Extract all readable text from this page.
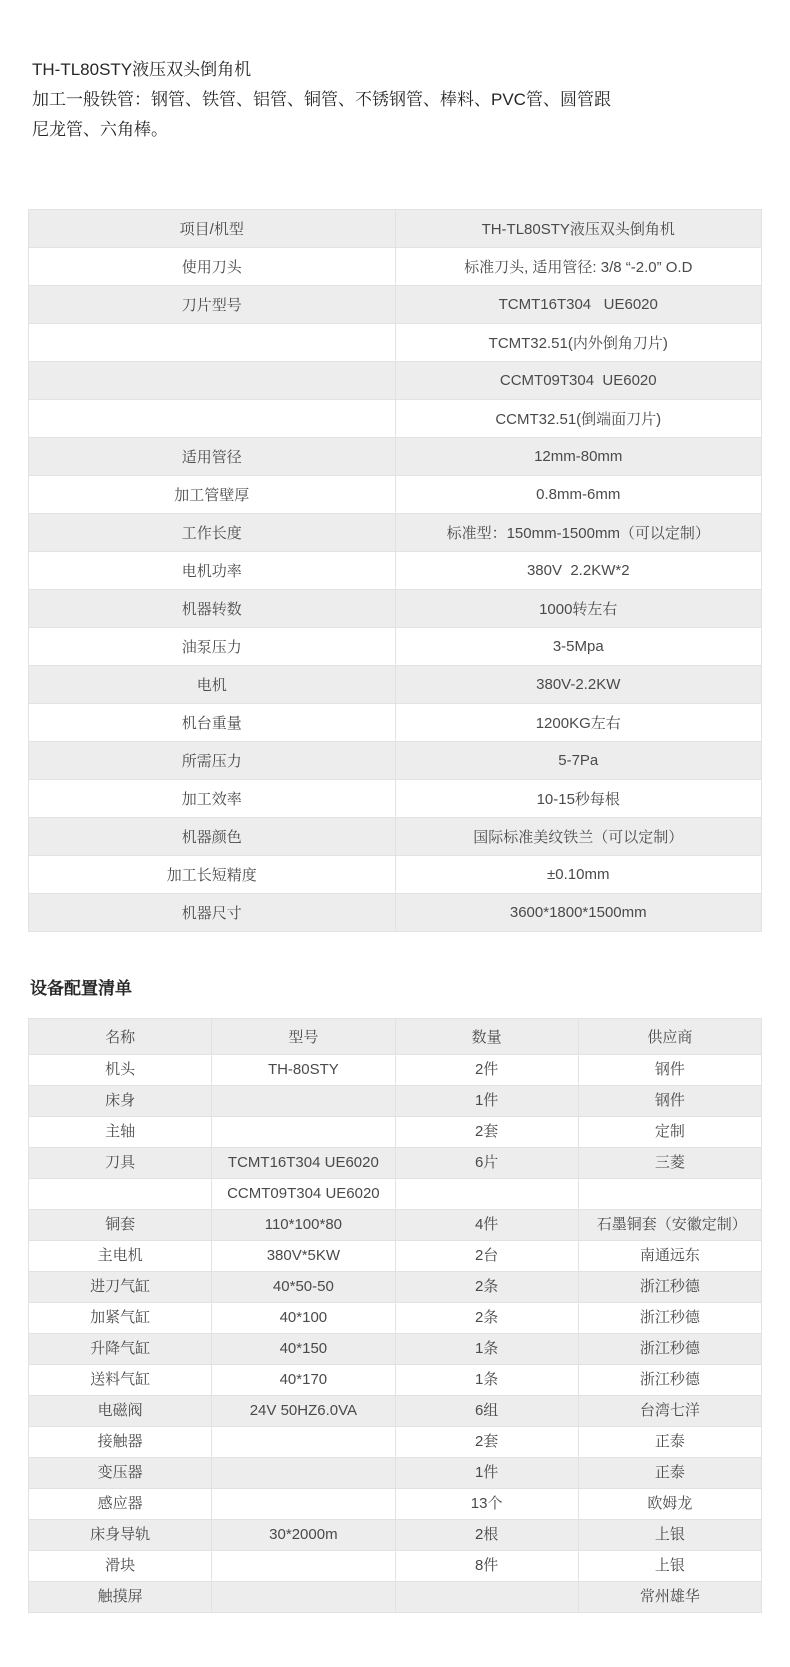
TH-TL80STY液压双头倒角机
加工一般铁管：钢管、铁管、铝管、铜管、不锈钢管、棒料、PVC管、圆管跟
尼龙管、六角棒。
项目/机型	TH-TL80STY液压双头倒角机
使用刀头	标准刀头, 适用管径: 3/8 “-2.0” O.D
刀片型号	TCMT16T304   UE6020
	TCMT32.51(内外倒角刀片)
	CCMT09T304  UE6020
	CCMT32.51(倒端面刀片)
适用管径	12mm-80mm
加工管壁厚	0.8mm-6mm
工作长度	标准型：150mm-1500mm（可以定制）
电机功率	380V  2.2KW*2
机器转数	1000转左右
油泵压力	3-5Mpa
电机	380V-2.2KW
机台重量	1200KG左右
所需压力	5-7Pa
加工效率	10-15秒每根
机器颜色	国际标准美纹铁兰（可以定制）
加工长短精度	±0.10mm
机器尺寸	3600*1800*1500mm
设备配置清单
名称	型号	数量	供应商
机头	TH-80STY	2件	钢件
床身		1件	钢件
主轴		2套	定制
刀具	TCMT16T304 UE6020	6片	三菱
	CCMT09T304 UE6020		
铜套	110*100*80	4件	石墨铜套（安徽定制）
主电机	380V*5KW	2台	南通远东
进刀气缸	40*50-50	2条	浙江秒德
加紧气缸	40*100	2条	浙江秒德
升降气缸	40*150	1条	浙江秒德
送料气缸	40*170	1条	浙江秒德
电磁阀	24V 50HZ6.0VA	6组	台湾七洋
接触器		2套	正泰
变压器		1件	正泰
感应器		13个	欧姆龙
床身导轨	30*2000m	2根	上银
滑块		8件	上银
触摸屏			常州雄华
